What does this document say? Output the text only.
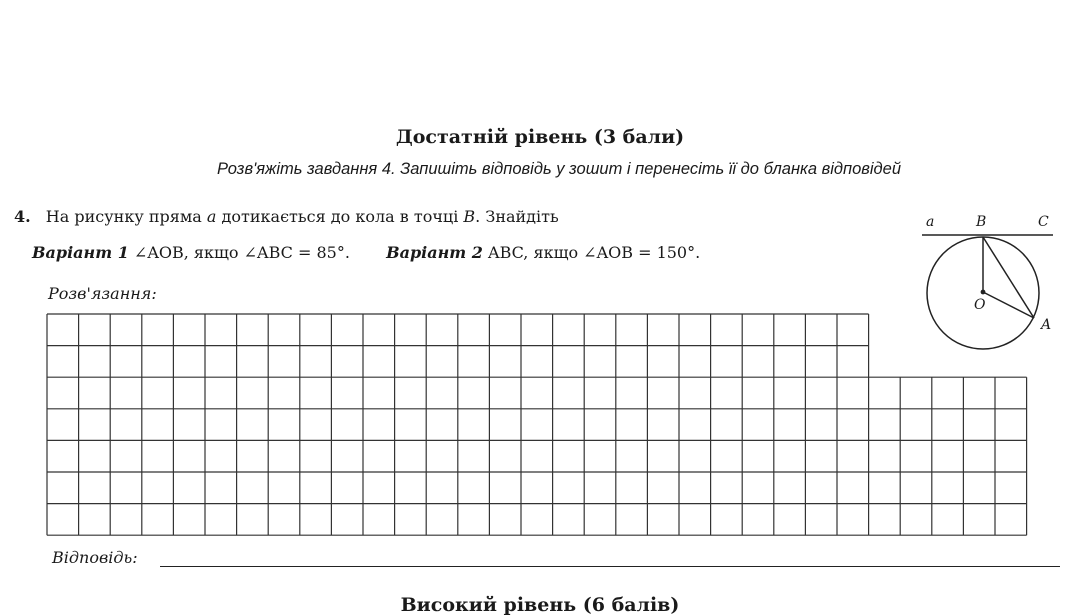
Достатній рівень (3 бали)
Розв'яжіть завдання 4. Запишіть відповідь у зошит і перенесіть її до бланка відповідей
4. На рисунку пряма a дотикається до кола в точці B. Знайдіть
Варіант 1 ∠AOB, якщо ∠ABC = 85°. Варіант 2 ABC, якщо ∠AOB = 150°.
Розв'язання:
a	B	C
O
A
Відповідь:
Високий рівень (6 балів)
